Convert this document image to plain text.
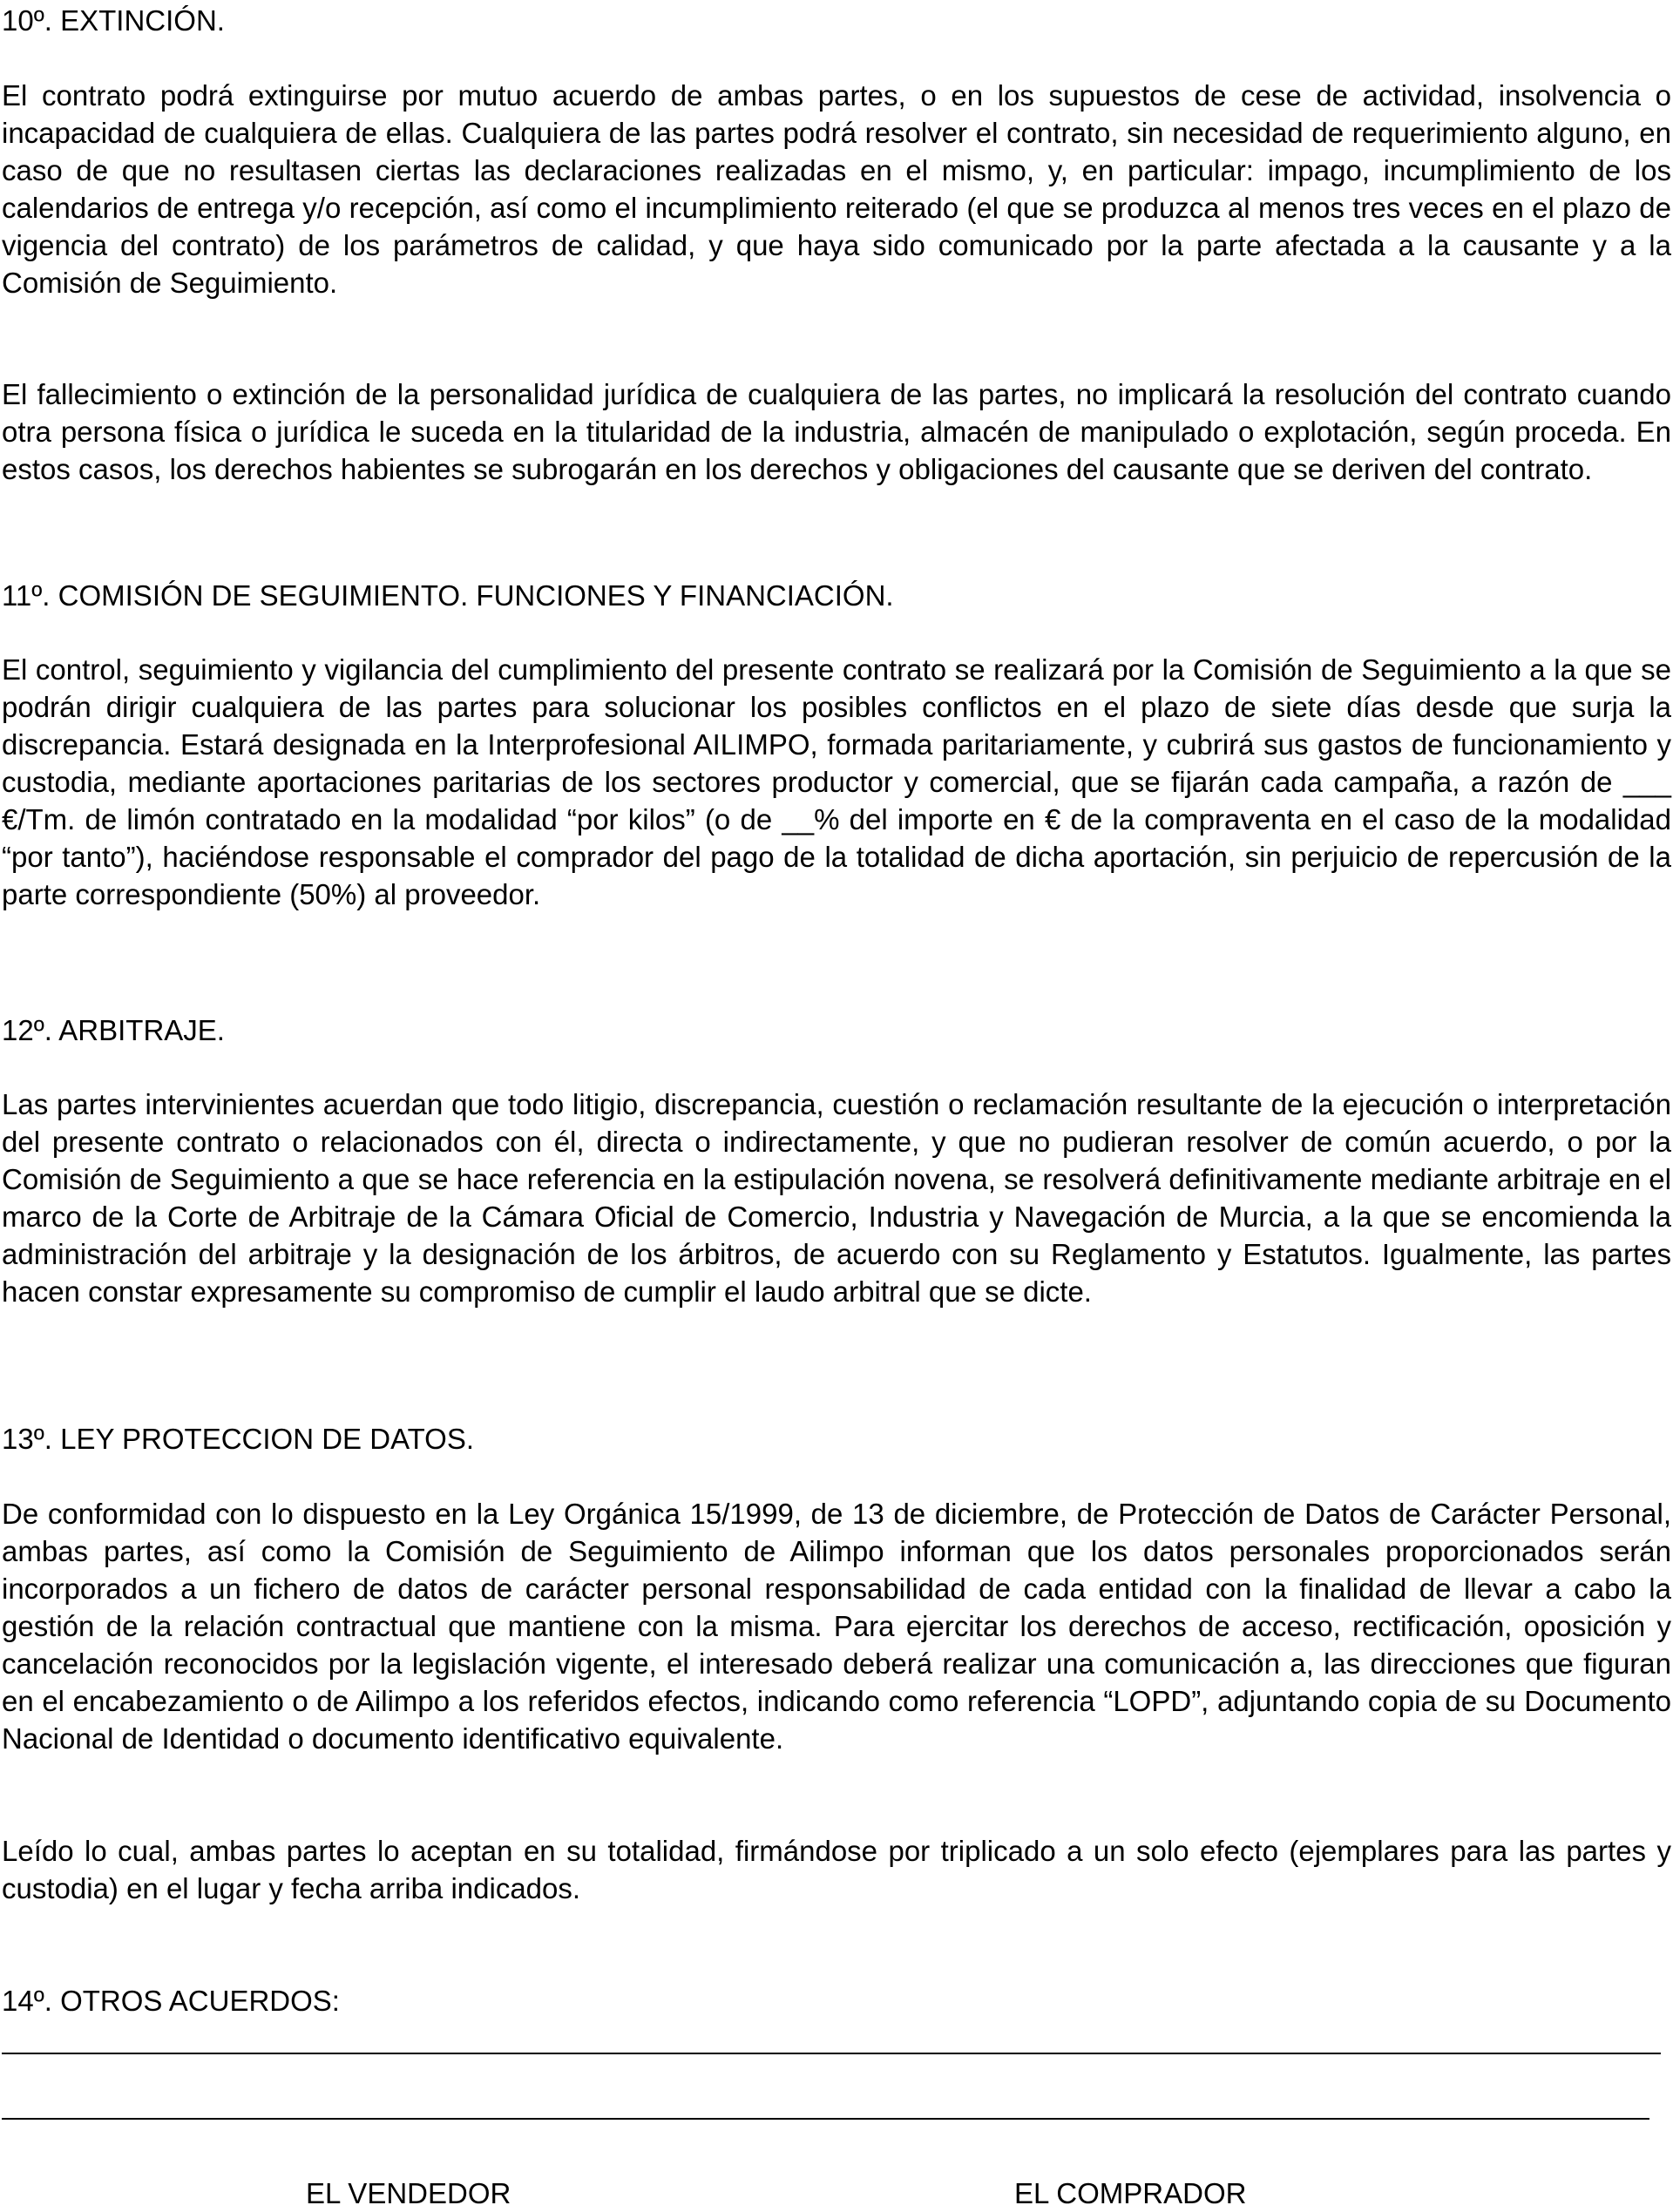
10º. EXTINCIÓN.

El contrato podrá extinguirse por mutuo acuerdo de ambas partes, o en los supuestos de cese de actividad, insolvencia o incapacidad de cualquiera de ellas. Cualquiera de las partes podrá resolver el contrato, sin necesidad de requerimiento alguno, en caso de que no resultasen ciertas las declaraciones realizadas en el mismo, y, en particular: impago, incumplimiento de los calendarios de entrega y/o recepción, así como el incumplimiento reiterado (el que se produzca al menos tres veces en el plazo de vigencia del contrato) de los parámetros de calidad, y que haya sido comunicado por la parte afectada a la causante y a la Comisión de Seguimiento.

El fallecimiento o extinción de la personalidad jurídica de cualquiera de las partes, no implicará la resolución del contrato cuando otra persona física o jurídica le suceda en la titularidad de la industria, almacén de manipulado o explotación, según proceda. En estos casos, los derechos habientes se subrogarán en los derechos y obligaciones del causante que se deriven del contrato.

11º. COMISIÓN DE SEGUIMIENTO. FUNCIONES Y FINANCIACIÓN.

El control, seguimiento y vigilancia del cumplimiento del presente contrato se realizará por la Comisión de Seguimiento a la que se podrán dirigir cualquiera de las partes para solucionar los posibles conflictos en el plazo de siete días desde que surja la discrepancia. Estará designada en la Interprofesional AILIMPO, formada paritariamente, y cubrirá sus gastos de funcionamiento y custodia, mediante aportaciones paritarias de los sectores productor y comercial, que se fijarán cada campaña, a razón de ___ €/Tm. de limón contratado en la modalidad “por kilos” (o de __% del importe en € de la compraventa en el caso de la modalidad “por tanto”), haciéndose responsable el comprador del pago de la totalidad de dicha aportación, sin perjuicio de repercusión de la parte correspondiente (50%) al proveedor.

12º. ARBITRAJE.

Las partes intervinientes acuerdan que todo litigio, discrepancia, cuestión o reclamación resultante de la ejecución o interpretación del presente contrato o relacionados con él, directa o indirectamente, y que no pudieran resolver de común acuerdo, o por la Comisión de Seguimiento a que se hace referencia en la estipulación novena, se resolverá definitivamente mediante arbitraje en el marco de la Corte de Arbitraje de la Cámara Oficial de Comercio, Industria y Navegación de Murcia, a la que se encomienda la administración del arbitraje y la designación de los árbitros, de acuerdo con su Reglamento y Estatutos. Igualmente, las partes hacen constar expresamente su compromiso de cumplir el laudo arbitral que se dicte.

13º. LEY PROTECCION DE DATOS.

De conformidad con lo dispuesto en la Ley Orgánica 15/1999, de 13 de diciembre, de Protección de Datos de Carácter Personal, ambas partes, así como la Comisión de Seguimiento de Ailimpo informan que los datos personales proporcionados serán incorporados a un fichero de datos de carácter personal responsabilidad de cada entidad con la finalidad de llevar a cabo la gestión de la relación contractual que mantiene con la misma. Para ejercitar los derechos de acceso, rectificación, oposición y cancelación reconocidos por la legislación vigente, el interesado deberá realizar una comunicación a, las direcciones que figuran en el encabezamiento o de Ailimpo a los referidos efectos, indicando como referencia “LOPD”, adjuntando copia de su Documento Nacional de Identidad o documento identificativo equivalente.

Leído lo cual, ambas partes lo aceptan en su totalidad, firmándose por triplicado a un solo efecto (ejemplares para las partes y custodia) en el lugar y fecha arriba indicados.

14º. OTROS ACUERDOS:
EL VENDEDOR	EL COMPRADOR
